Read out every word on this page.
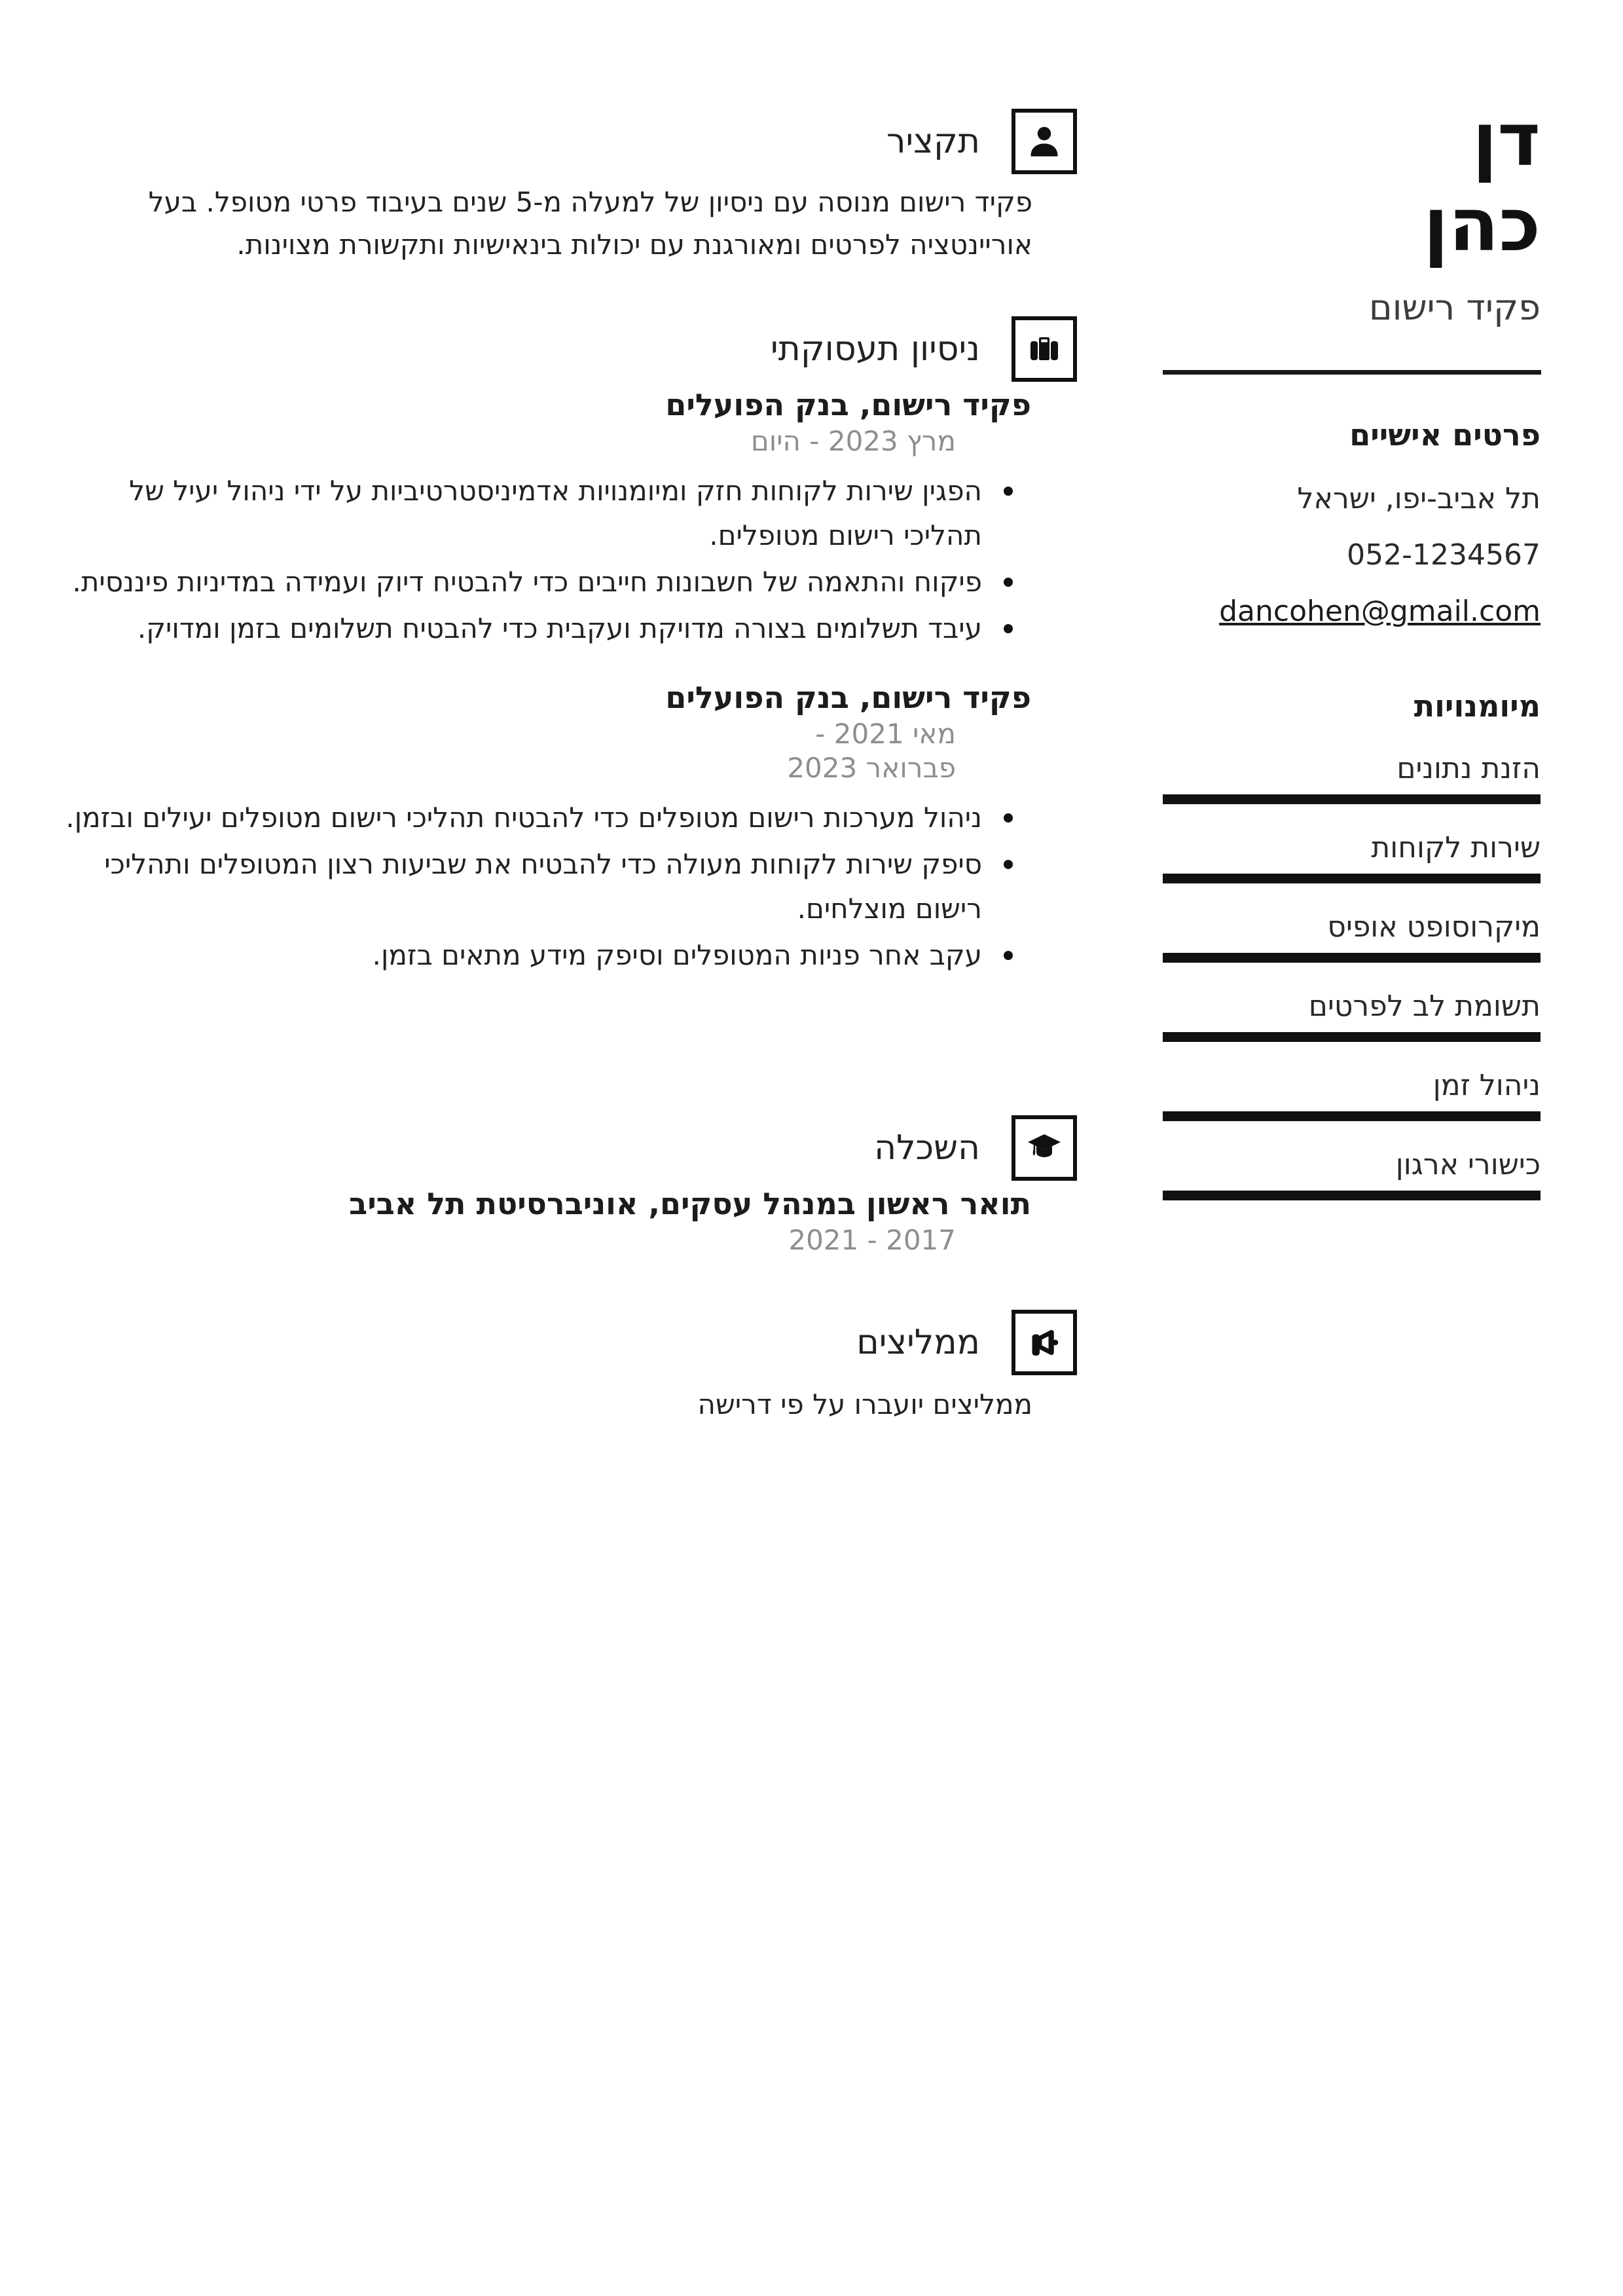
דן
כהן
פקיד רישום
פרטים אישיים
תל אביב-יפו, ישראל
052-1234567
dancohen@gmail.com
מיומנויות
הזנת נתונים
שירות לקוחות
מיקרוסופט אופיס
תשומת לב לפרטים
ניהול זמן
כישורי ארגון
תקציר

פקיד רישום מנוסה עם ניסיון של למעלה מ-5 שנים בעיבוד פרטי מטופל. בעל אוריינטציה לפרטים ומאורגנת עם יכולות בינאישיות ותקשורת מצוינות.

ניסיון תעסוקתי
פקיד רישום, בנק הפועלים
מרץ 2023 - היום
הפגין שירות לקוחות חזק ומיומנויות אדמיניסטרטיביות על ידי ניהול יעיל של תהליכי רישום מטופלים.
פיקוח והתאמה של חשבונות חייבים כדי להבטיח דיוק ועמידה במדיניות פיננסית.
עיבד תשלומים בצורה מדויקת ועקבית כדי להבטיח תשלומים בזמן ומדויק.
פקיד רישום, בנק הפועלים
מאי 2021 - פברואר 2023
ניהול מערכות רישום מטופלים כדי להבטיח תהליכי רישום מטופלים יעילים ובזמן.
סיפק שירות לקוחות מעולה כדי להבטיח את שביעות רצון המטופלים ותהליכי רישום מוצלחים.
עקב אחר פניות המטופלים וסיפק מידע מתאים בזמן.
השכלה
תואר ראשון במנהל עסקים, אוניברסיטת תל אביב
2017 - 2021
ממליצים

ממליצים יועברו על פי דרישה
